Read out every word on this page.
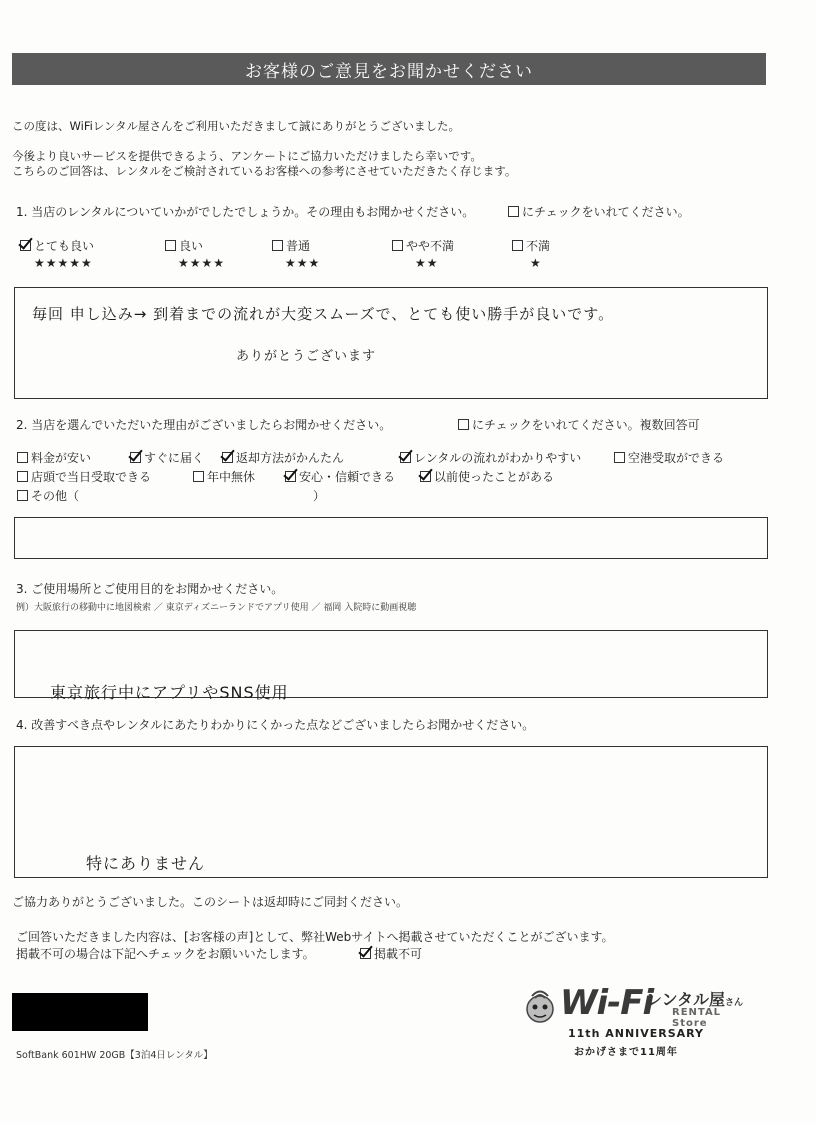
お客様のご意見をお聞かせください
この度は、WiFiレンタル屋さんをご利用いただきまして誠にありがとうございました。
今後より良いサービスを提供できるよう、アンケートにご協力いただけましたら幸いです。
こちらのご回答は、レンタルをご検討されているお客様への参考にさせていただきたく存じます。
1. 当店のレンタルについていかがでしたでしょうか。その理由もお聞かせください。	にチェックをいれてください。
とても良い
★★★★★
良い
★★★★
普通
★★★
やや不満
★★
不満
★
毎回 申し込み→ 到着までの流れが大変スムーズで、とても使い勝手が良いです。
ありがとうございます
2. 当店を選んでいただいた理由がございましたらお聞かせください。	にチェックをいれてください。複数回答可
料金が安い	すぐに届く	返却方法がかんたん	レンタルの流れがわかりやすい	空港受取ができる
店頭で当日受取できる	年中無休	安心・信頼できる	以前使ったことがある
その他（	）
3. ご使用場所とご使用目的をお聞かせください。
例）大阪旅行の移動中に地図検索 ／ 東京ディズニーランドでアプリ使用 ／ 福岡 入院時に動画視聴
東京旅行中にアプリやSNS使用
4. 改善すべき点やレンタルにあたりわかりにくかった点などございましたらお聞かせください。
特にありません
ご協力ありがとうございました。このシートは返却時にご同封ください。
ご回答いただきました内容は、[お客様の声]として、弊社Webサイトへ掲載させていただくことがございます。
掲載不可の場合は下記へチェックをお願いいたします。	掲載不可
SoftBank 601HW 20GB【3泊4日レンタル】
Wi-Fi
レンタル屋さん
RENTAL Store
11th ANNIVERSARY
おかげさまで11周年
